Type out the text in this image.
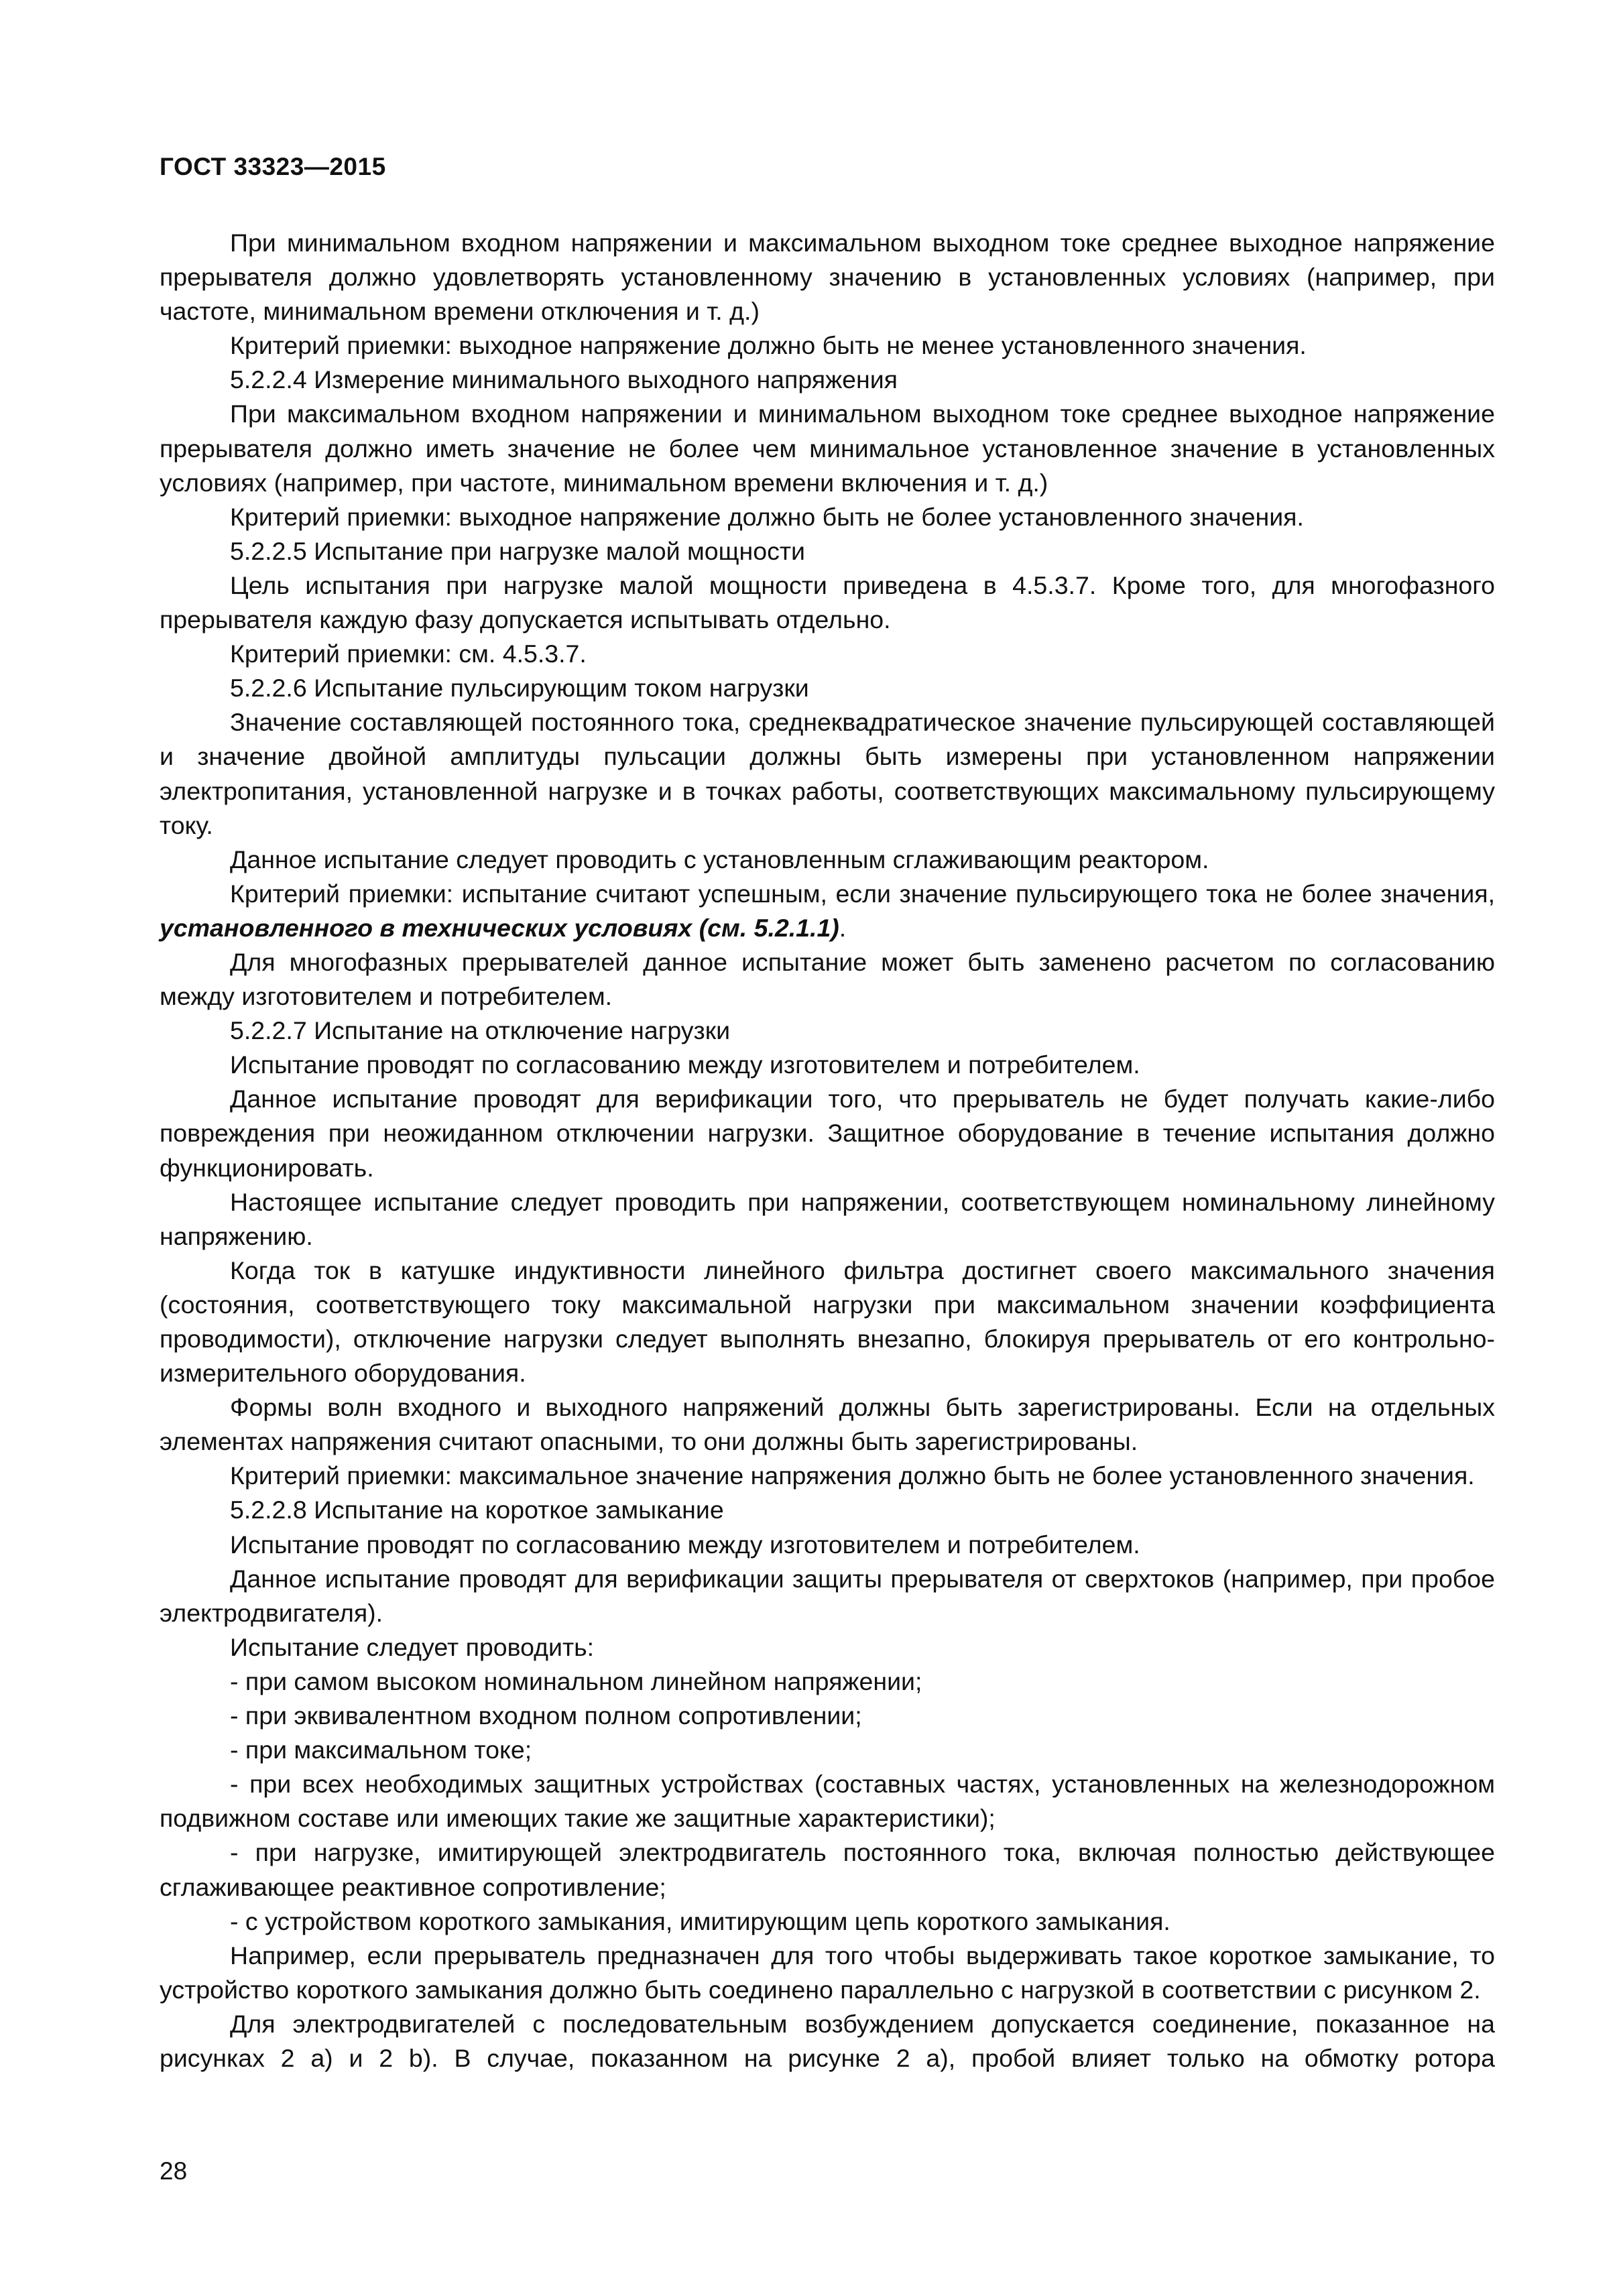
ГОСТ 33323—2015

При минимальном входном напряжении и максимальном выходном токе среднее выходное напряжение прерывателя должно удовлетворять установленному значению в установленных условиях (например, при частоте, минимальном времени отключения и т. д.)

Критерий приемки: выходное напряжение должно быть не менее установленного значения.

5.2.2.4 Измерение минимального выходного напряжения

При максимальном входном напряжении и минимальном выходном токе среднее выходное напряжение прерывателя должно иметь значение не более чем минимальное установленное значение в установленных условиях (например, при частоте, минимальном времени включения и т. д.)

Критерий приемки: выходное напряжение должно быть не более установленного значения.

5.2.2.5 Испытание при нагрузке малой мощности

Цель испытания при нагрузке малой мощности приведена в 4.5.3.7. Кроме того, для многофазного прерывателя каждую фазу допускается испытывать отдельно.

Критерий приемки: см. 4.5.3.7.

5.2.2.6 Испытание пульсирующим током нагрузки

Значение составляющей постоянного тока, среднеквадратическое значение пульсирующей составляющей и значение двойной амплитуды пульсации должны быть измерены при установленном напряжении электропитания, установленной нагрузке и в точках работы, соответствующих максимальному пульсирующему току.

Данное испытание следует проводить с установленным сглаживающим реактором.

Критерий приемки: испытание считают успешным, если значение пульсирующего тока не более значения, установленного в технических условиях (см. 5.2.1.1).

Для многофазных прерывателей данное испытание может быть заменено расчетом по согласованию между изготовителем и потребителем.

5.2.2.7 Испытание на отключение нагрузки

Испытание проводят по согласованию между изготовителем и потребителем.

Данное испытание проводят для верификации того, что прерыватель не будет получать какие-либо повреждения при неожиданном отключении нагрузки. Защитное оборудование в течение испытания должно функционировать.

Настоящее испытание следует проводить при напряжении, соответствующем номинальному линейному напряжению.

Когда ток в катушке индуктивности линейного фильтра достигнет своего максимального значения (состояния, соответствующего току максимальной нагрузки при максимальном значении коэффициента проводимости), отключение нагрузки следует выполнять внезапно, блокируя прерыватель от его контрольно-измерительного оборудования.

Формы волн входного и выходного напряжений должны быть зарегистрированы. Если на отдельных элементах напряжения считают опасными, то они должны быть зарегистрированы.

Критерий приемки: максимальное значение напряжения должно быть не более установленного значения.

5.2.2.8 Испытание на короткое замыкание

Испытание проводят по согласованию между изготовителем и потребителем.

Данное испытание проводят для верификации защиты прерывателя от сверхтоков (например, при пробое электродвигателя).

Испытание следует проводить:

- при самом высоком номинальном линейном напряжении;

- при эквивалентном входном полном сопротивлении;

- при максимальном токе;

- при всех необходимых защитных устройствах (составных частях, установленных на железнодорожном подвижном составе или имеющих такие же защитные характеристики);

- при нагрузке, имитирующей электродвигатель постоянного тока, включая полностью действующее сглаживающее реактивное сопротивление;

- с устройством короткого замыкания, имитирующим цепь короткого замыкания.

Например, если прерыватель предназначен для того чтобы выдерживать такое короткое замыкание, то устройство короткого замыкания должно быть соединено параллельно с нагрузкой в соответствии с рисунком 2.

Для электродвигателей с последовательным возбуждением допускается соединение, показанное на рисунках 2 а) и 2 b). В случае, показанном на рисунке 2 а), пробой влияет только на обмотку ротора

28
